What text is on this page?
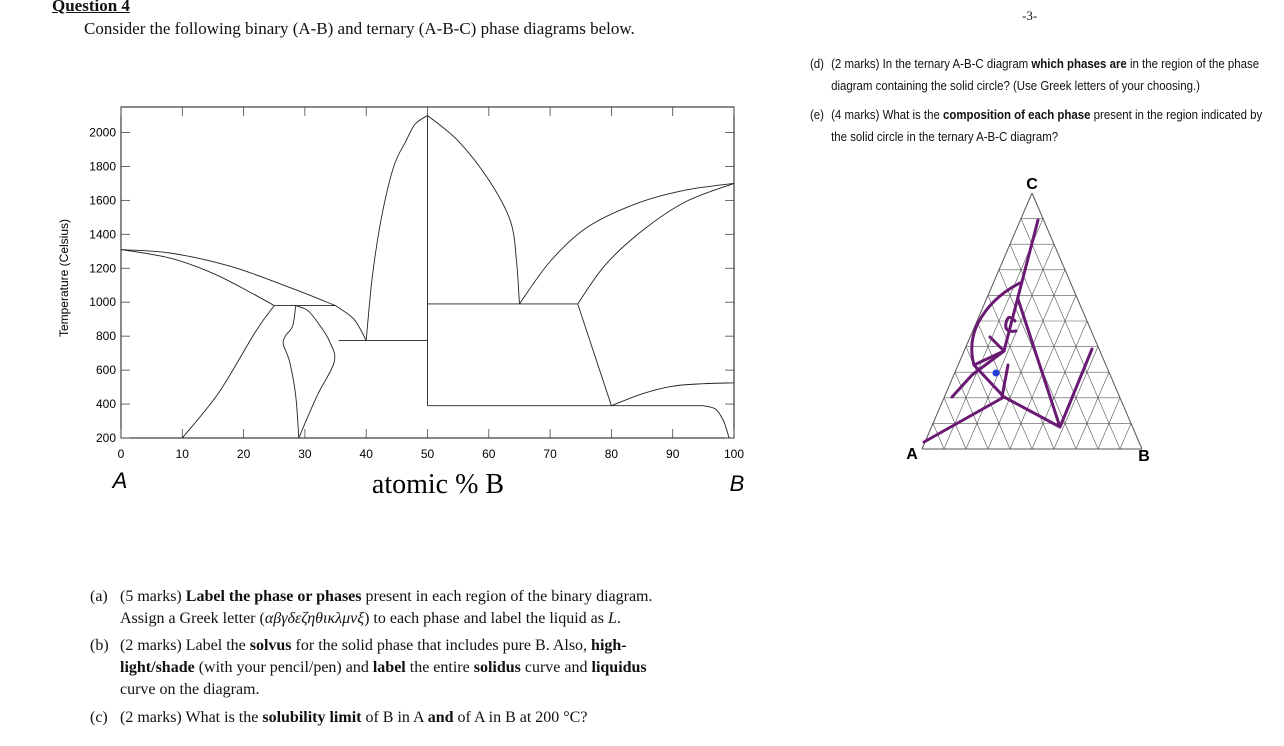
Question 4
Consider the following binary (A-B) and ternary (A-B-C) phase diagrams below.
-3-
0	10	20	30	40	50	60	70	80	90	100
200
400
600
800
1000
1200
1400
1600
1800
2000
Temperature (Celsius)
A	B
atomic % B
(a) (5 marks) Label the phase or phases present in each region of the binary diagram.
Assign a Greek letter (αβγδεζηθικλμνξ) to each phase and label the liquid as L.
(b) (2 marks) Label the solvus for the solid phase that includes pure B. Also, high-
light/shade (with your pencil/pen) and label the entire solidus curve and liquidus
curve on the diagram.
(c) (2 marks) What is the solubility limit of B in A and of A in B at 200 °C?
(d) (2 marks) In the ternary A-B-C diagram which phases are in the region of the phase
diagram containing the solid circle? (Use Greek letters of your choosing.)
(e) (4 marks) What is the composition of each phase present in the region indicated by
the solid circle in the ternary A-B-C diagram?
C
A	B
